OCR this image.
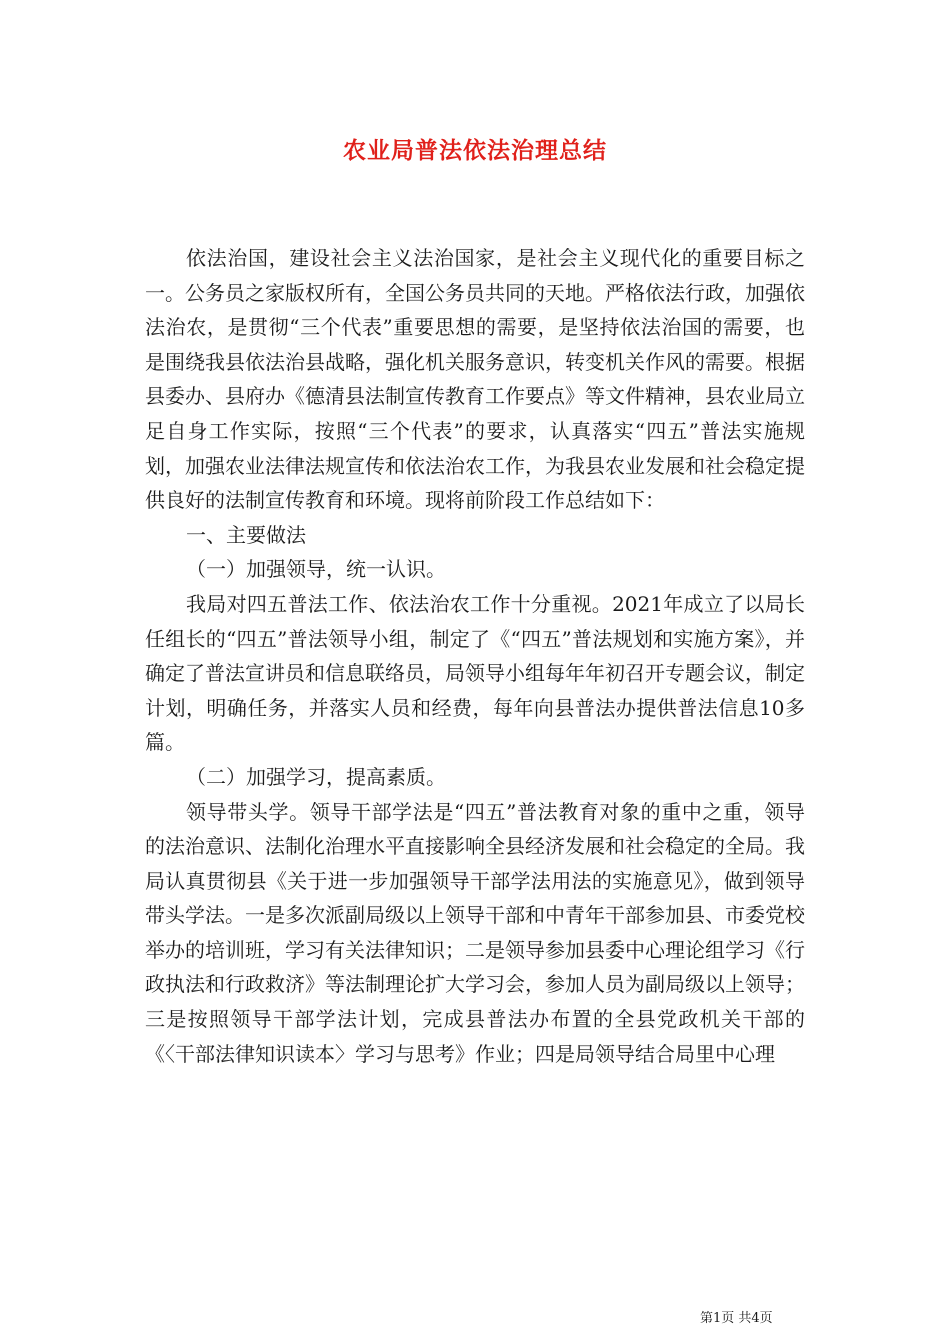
农业局普法依法治理总结

依法治国，建设社会主义法治国家，是社会主义现代化的重要目标之一。公务员之家版权所有，全国公务员共同的天地。严格依法行政，加强依法治农，是贯彻“三个代表”重要思想的需要，是坚持依法治国的需要，也是围绕我县依法治县战略，强化机关服务意识，转变机关作风的需要。根据县委办、县府办《德清县法制宣传教育工作要点》等文件精神，县农业局立足自身工作实际，按照“三个代表”的要求，认真落实“四五”普法实施规划，加强农业法律法规宣传和依法治农工作，为我县农业发展和社会稳定提供良好的法制宣传教育和环境。现将前阶段工作总结如下：

一、主要做法

（一）加强领导，统一认识。

我局对四五普法工作、依法治农工作十分重视。2021年成立了以局长任组长的“四五”普法领导小组，制定了《“四五”普法规划和实施方案》，并确定了普法宣讲员和信息联络员，局领导小组每年年初召开专题会议，制定计划，明确任务，并落实人员和经费，每年向县普法办提供普法信息10多篇。

（二）加强学习，提高素质。

领导带头学。领导干部学法是“四五”普法教育对象的重中之重，领导的法治意识、法制化治理水平直接影响全县经济发展和社会稳定的全局。我局认真贯彻县《关于进一步加强领导干部学法用法的实施意见》，做到领导带头学法。一是多次派副局级以上领导干部和中青年干部参加县、市委党校举办的培训班，学习有关法律知识；二是领导参加县委中心理论组学习《行政执法和行政救济》等法制理论扩大学习会，参加人员为副局级以上领导；三是按照领导干部学法计划，完成县普法办布置的全县党政机关干部的《〈干部法律知识读本〉学习与思考》作业；四是局领导结合局里中心理

第1页 共4页
